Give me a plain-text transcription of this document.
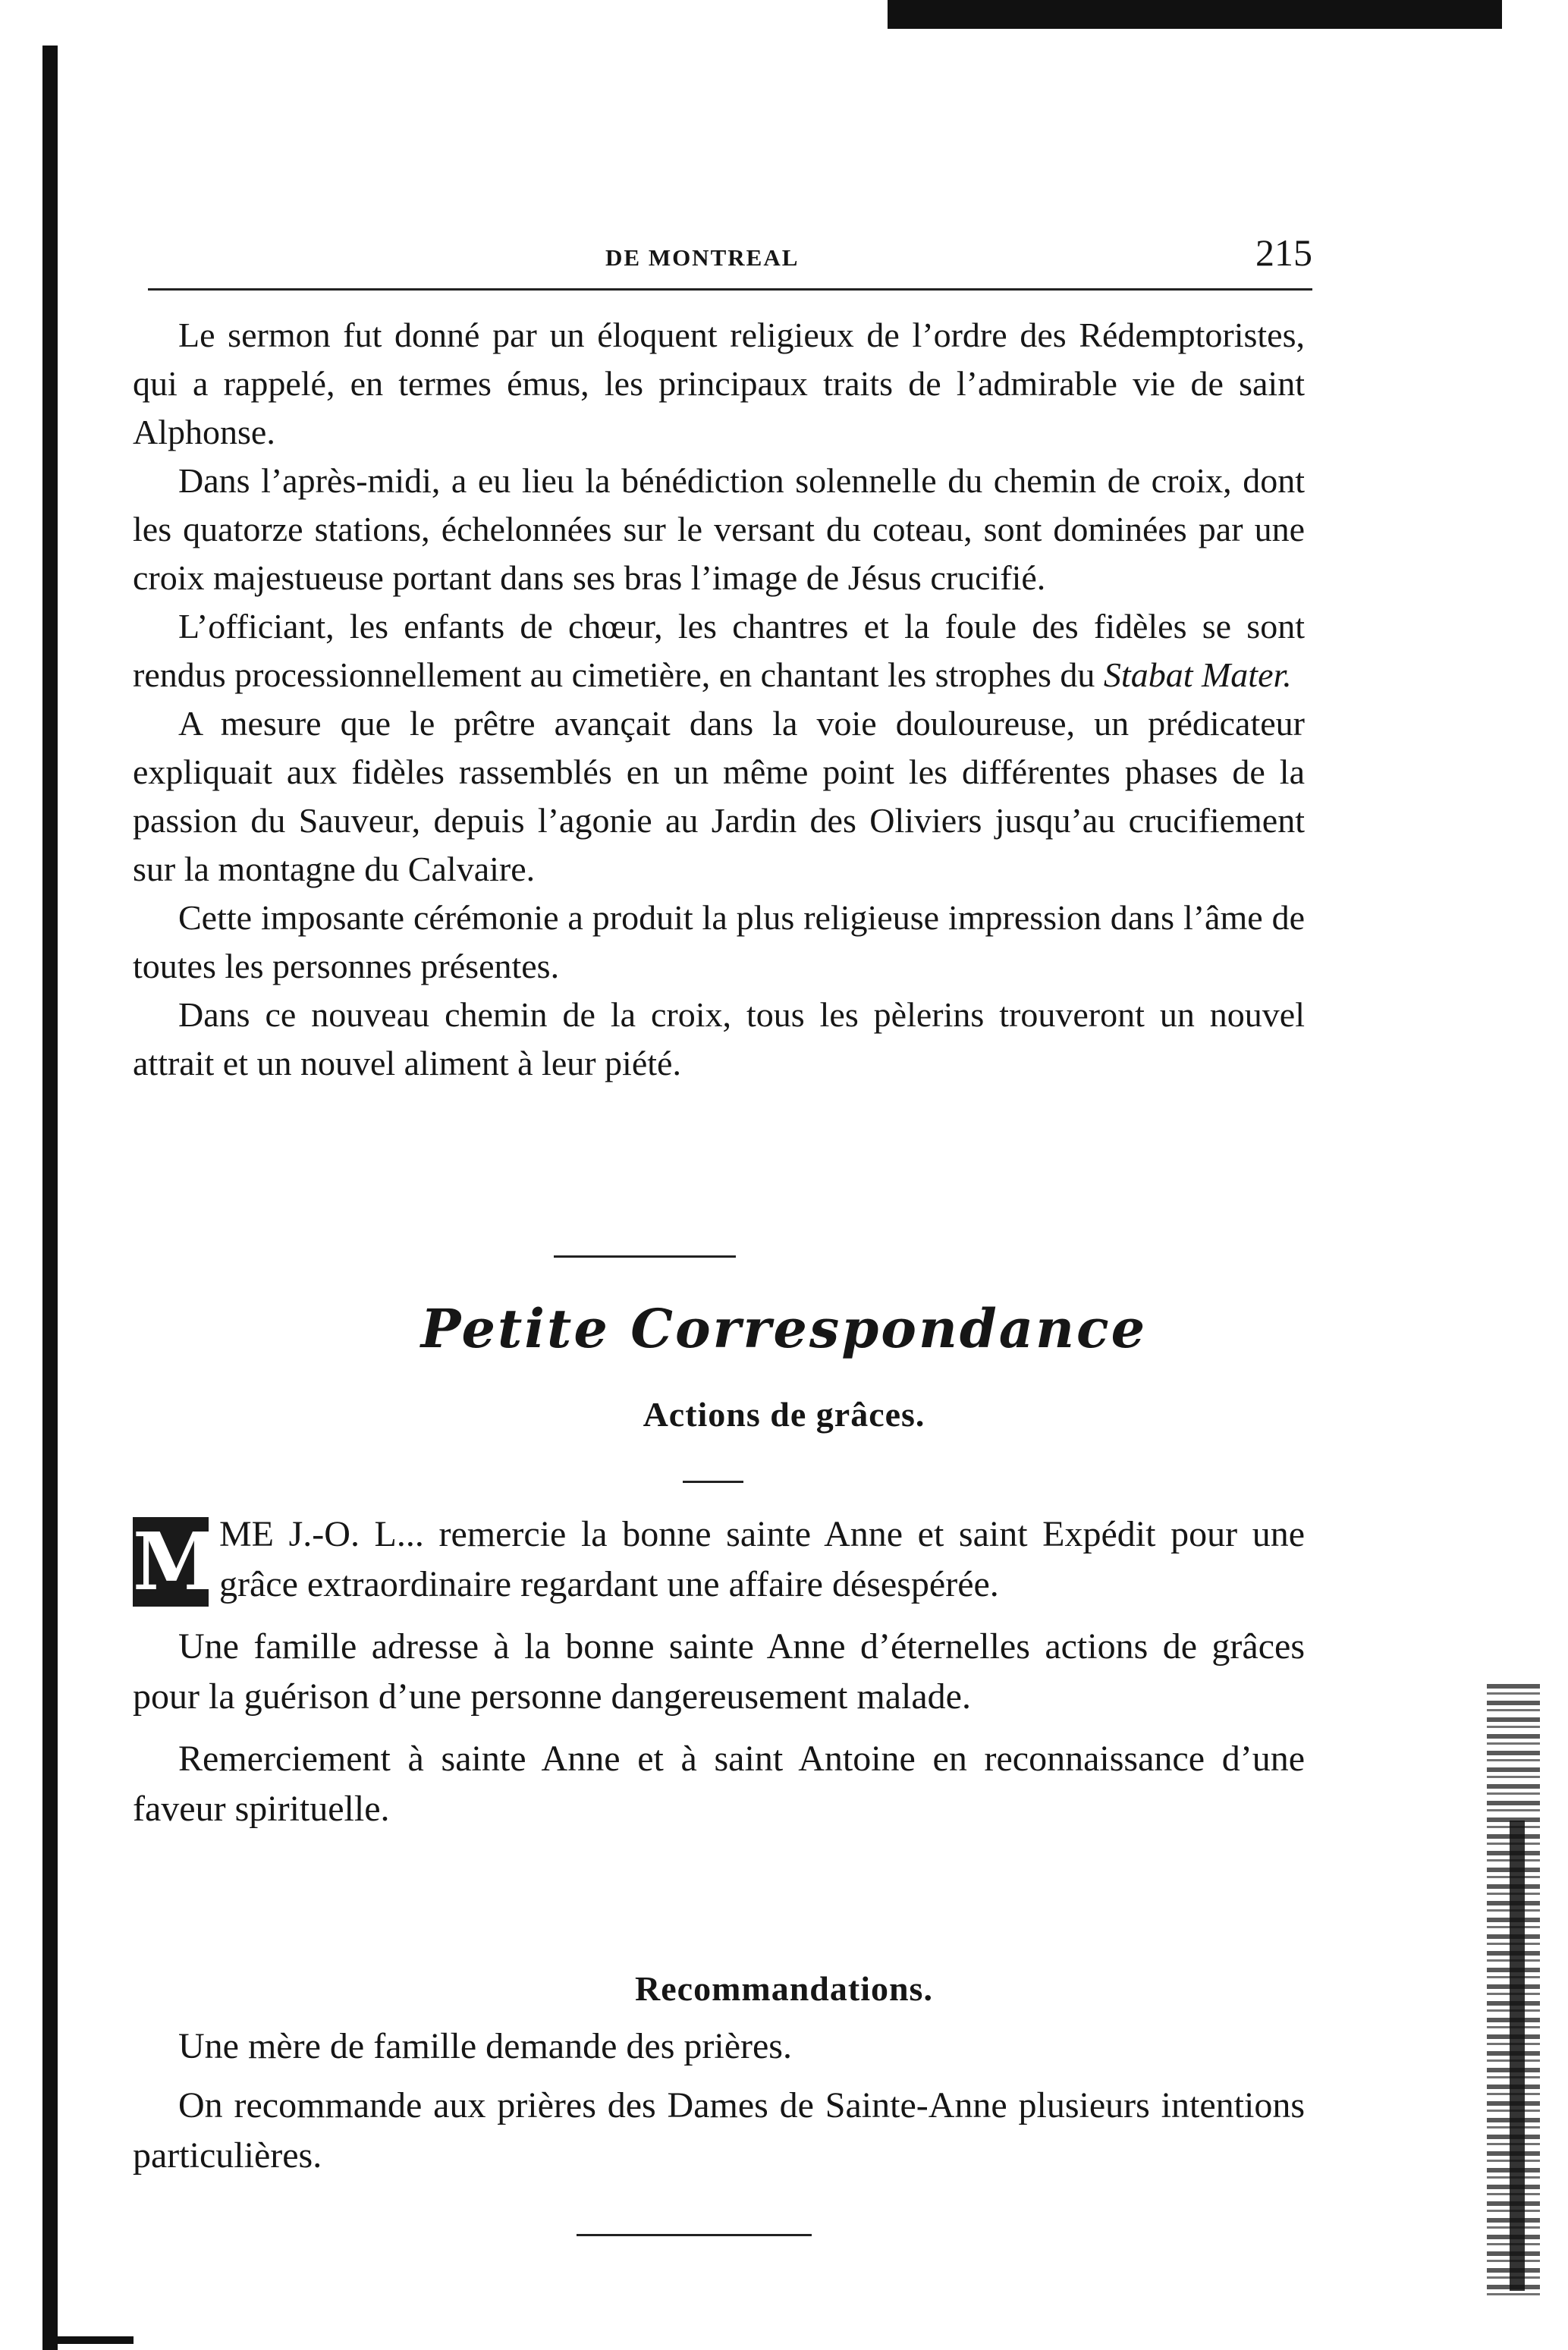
DE MONTREAL	215

Le sermon fut donné par un éloquent religieux de l’ordre des Rédemptoristes, qui a rappelé, en termes émus, les principaux traits de l’admirable vie de saint Alphonse.

Dans l’après-midi, a eu lieu la bénédiction solennelle du chemin de croix, dont les quatorze stations, échelonnées sur le versant du coteau, sont dominées par une croix majestueuse portant dans ses bras l’image de Jésus crucifié.

L’officiant, les enfants de chœur, les chantres et la foule des fidèles se sont rendus processionnellement au cimetière, en chantant les strophes du Stabat Mater.

A mesure que le prêtre avançait dans la voie douloureuse, un prédicateur expliquait aux fidèles rassemblés en un même point les différentes phases de la passion du Sauveur, depuis l’agonie au Jardin des Oliviers jusqu’au crucifiement sur la montagne du Calvaire.

Cette imposante cérémonie a produit la plus religieuse impression dans l’âme de toutes les personnes présentes.

Dans ce nouveau chemin de la croix, tous les pèlerins trouveront un nouvel attrait et un nouvel aliment à leur piété.

Petite Correspondance
Actions de grâces.

M
ME J.-O. L... remercie la bonne sainte Anne et saint Expédit pour une grâce extraordinaire regardant une affaire désespérée.

Une famille adresse à la bonne sainte Anne d’éternelles actions de grâces pour la guérison d’une personne dangereusement malade.

Remerciement à sainte Anne et à saint Antoine en reconnaissance d’une faveur spirituelle.

Recommandations.

Une mère de famille demande des prières.

On recommande aux prières des Dames de Sainte-Anne plusieurs intentions particulières.
